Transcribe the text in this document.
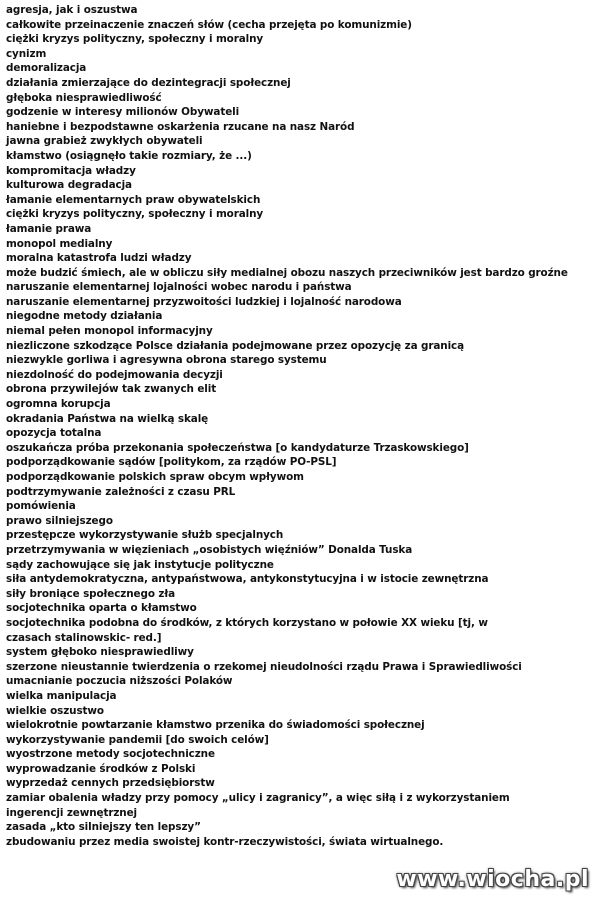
agresja, jak i oszustwa
całkowite przeinaczenie znaczeń słów (cecha przejęta po komunizmie)
ciężki kryzys polityczny, społeczny i moralny
cynizm
demoralizacja
działania zmierzające do dezintegracji społecznej
głęboka niesprawiedliwość
godzenie w interesy milionów Obywateli
haniebne i bezpodstawne oskarżenia rzucane na nasz Naród
jawna grabież zwykłych obywateli
kłamstwo (osiągnęło takie rozmiary, że ...)
kompromitacja władzy
kulturowa degradacja
łamanie elementarnych praw obywatelskich
ciężki kryzys polityczny, społeczny i moralny
łamanie prawa
monopol medialny
moralna katastrofa ludzi władzy
może budzić śmiech, ale w obliczu siły medialnej obozu naszych przeciwników jest bardzo groźne
naruszanie elementarnej lojalności wobec narodu i państwa
naruszanie elementarnej przyzwoitości ludzkiej i lojalność narodowa
niegodne metody działania
niemal pełen monopol informacyjny
niezliczone szkodzące Polsce działania podejmowane przez opozycję za granicą
niezwykle gorliwa i agresywna obrona starego systemu
niezdolność do podejmowania decyzji
obrona przywilejów tak zwanych elit
ogromna korupcja
okradania Państwa na wielką skalę
opozycja totalna
oszukańcza próba przekonania społeczeństwa [o kandydaturze Trzaskowskiego]
podporządkowanie sądów [politykom, za rządów PO-PSL]
podporządkowanie polskich spraw obcym wpływom
podtrzymywanie zależności z czasu PRL
pomówienia
prawo silniejszego
przestępcze wykorzystywanie służb specjalnych
przetrzymywania w więzieniach „osobistych więźniów” Donalda Tuska
sądy zachowujące się jak instytucje polityczne
siła antydemokratyczna, antypaństwowa, antykonstytucyjna i w istocie zewnętrzna
siły broniące społecznego zła
socjotechnika oparta o kłamstwo
socjotechnika podobna do środków, z których korzystano w połowie XX wieku [tj, w czasach stalinowskic- red.]
system głęboko niesprawiedliwy
szerzone nieustannie twierdzenia o rzekomej nieudolności rządu Prawa i Sprawiedliwości
umacnianie poczucia niższości Polaków
wielka manipulacja
wielkie oszustwo
wielokrotnie powtarzanie kłamstwo przenika do świadomości społecznej
wykorzystywanie pandemii [do swoich celów]
wyostrzone metody socjotechniczne
wyprowadzanie środków z Polski
wyprzedaż cennych przedsiębiorstw
zamiar obalenia władzy przy pomocy „ulicy i zagranicy”, a więc siłą i z wykorzystaniem ingerencji zewnętrznej
zasada „kto silniejszy ten lepszy”
zbudowaniu przez media swoistej kontr-rzeczywistości, świata wirtualnego.
www.wiocha.pl
